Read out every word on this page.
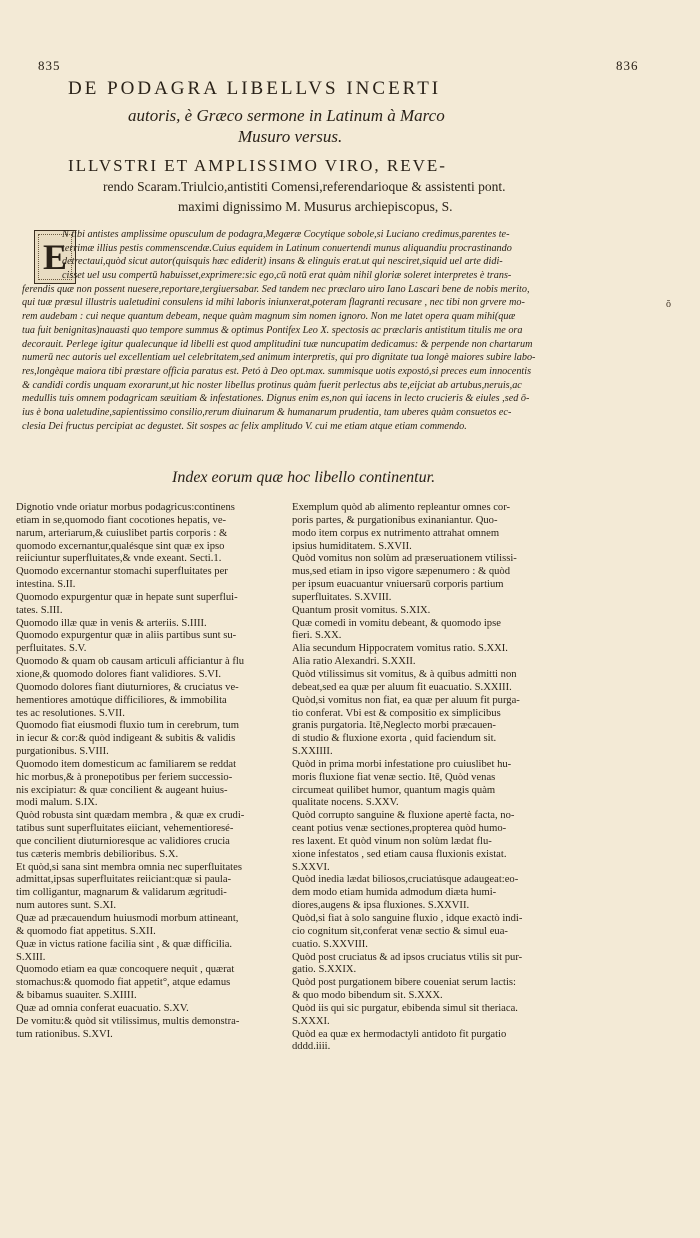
835	836
DE PODAGRA LIBELLVS INCERTI
autoris, è Græco sermone in Latinum à Marco
Musuro versus.
ILLVSTRI ET AMPLISSIMO VIRO, REVE-
rendo Scaram.Triulcio,antistiti Comensi,referendarioque & assistenti pont.
maximi dignissimo M. Musurus archiepiscopus, S.
E
N tibi antistes amplissime opusculum de podagra,Megæræ Cocytique sobole,si Luciano credimus,parentes te-
terrimæ illius pestis commenscendæ.Cuius equidem in Latinum conuertendi munus aliquandiu procrastinando
detrectaui,quòd sicut autor(quisquis hæc ediderit) insans & elinguis erat.ut qui nesciret,siquid uel arte didi-
cisset uel usu compertū habuisset,exprimere:sic ego,cū notū erat quàm nihil gloriæ soleret interpretes è trans-
ferendis quæ non possent nuesere,reportare,tergiuersabar. Sed tandem nec præclaro uiro Iano Lascari bene de nobis merito,
qui tuæ præsul illustris ualetudini consulens id mihi laboris iniunxerat,poteram flagranti recusare , nec tibi non grvere mo-
rem audebam : cui neque quantum debeam, neque quàm magnum sim nomen ignoro. Non me latet opera quam mihi(quæ
tua fuit benignitas)nauasti quo tempore summus & optimus Pontifex Leo X. spectosis ac præclaris antistitum titulis me ora
decorauit. Perlege igitur qualecunque id libelli est quod amplitudini tuæ nuncupatim dedicamus: & perpende non chartarum
numerū nec autoris uel excellentiam uel celebritatem,sed animum interpretis, qui pro dignitate tua longè maiores subire labo-
res,longèque maiora tibi præstare officia paratus est. Petó à Deo opt.max. summisque uotis expostó,si preces eum innocentis
& candidi cordis unquam exorarunt,ut hic noster libellus protinus quàm fuerit perlectus abs te,eijciat ab artubus,neruis,ac
medullis tuis omnem podagricam sæuitiam & infestationes. Dignus enim es,non qui iacens in lecto crucieris & eiules ,sed ō-
ius è bona ualetudine,sapientissimo consilio,rerum diuinarum & humanarum prudentia, tam uberes quàm consuetos ec-
clesia Dei fructus percipiat ac degustet. Sit sospes ac felix amplitudo V. cui me etiam atque etiam commendo.
ŏ
Index eorum quæ hoc libello continentur.
Dignotio vnde oriatur morbus podagricus:continens
etiam in se,quomodo fiant cocotiones hepatis, ve-
narum, arteriarum,& cuiuslibet partis corporis : &
quomodo excernantur,qualésque sint quæ ex ipso
reiiciuntur superfluitates,& vnde exeant. Secti.1.
Quomodo excernantur stomachi superfluitates per
intestina. S.II.
Quomodo expurgentur quæ in hepate sunt superflui-
tates. S.III.
Quomodo illæ quæ in venis & arteriis. S.IIII.
Quomodo expurgentur quæ in aliis partibus sunt su-
perfluitates. S.V.
Quomodo & quam ob causam articuli afficiantur à flu
xione,& quomodo dolores fiant validiores. S.VI.
Quomodo dolores fiant diuturniores, & cruciatus ve-
hementiores amotúque difficiliores, & immobilita
tes ac resolutiones. S.VII.
Quomodo fiat eiusmodi fluxio tum in cerebrum, tum
in iecur & cor:& quòd indigeant & subitis & validis
purgationibus. S.VIII.
Quomodo item domesticum ac familiarem se reddat
hic morbus,& à pronepotibus per feriem successio-
nis excipiatur: & quæ concilient & augeant huius-
modi malum. S.IX.
Quòd robusta sint quædam membra , & quæ ex crudi-
tatibus sunt superfluitates eiiciant, vehementioresé-
que concilient diuturnioresque ac validiores crucia
tus cæteris membris debilioribus. S.X.
Et quòd,si sana sint membra omnia nec superfluitates
admittat,ipsas superfluitates reiiciant:quæ si paula-
tim colligantur, magnarum & validarum ægritudi-
num autores sunt. S.XI.
Quæ ad præcauendum huiusmodi morbum attineant,
& quomodo fiat appetitus. S.XII.
Quæ in victus ratione facilia sint , & quæ difficilia.
S.XIII.
Quomodo etiam ea quæ concoquere nequit , quærat
stomachus:& quomodo fiat appetit°, atque edamus
& bibamus suauiter. S.XIIII.
Quæ ad omnia conferat euacuatio. S.XV.
De vomitu:& quòd sit vtilissimus, multis demonstra-
tum rationibus. S.XVI.
Exemplum quòd ab alimento repleantur omnes cor-
poris partes, & purgationibus exinaniantur. Quo-
modo item corpus ex nutrimento attrahat omnem
ipsius humiditatem. S.XVII.
Quòd vomitus non solùm ad præseruationem vtilissi-
mus,sed etiam in ipso vigore sæpenumero : & quòd
per ipsum euacuantur vniuersarū corporis partium
superfluitates. S.XVIII.
Quantum prosit vomitus. S.XIX.
Quæ comedi in vomitu debeant, & quomodo ipse
fieri. S.XX.
Alia secundum Hippocratem vomitus ratio. S.XXI.
Alia ratio Alexandri. S.XXII.
Quòd vtilissimus sit vomitus, & à quibus admitti non
debeat,sed ea quæ per aluum fit euacuatio. S.XXIII.
Quòd,si vomitus non fiat, ea quæ per aluum fit purga-
tio conferat. Vbi est & compositio ex simplicibus
granis purgatoria. Itē,Neglecto morbi præcauen-
di studio & fluxione exorta , quid faciendum sit.
S.XXIIII.
Quòd in prima morbi infestatione pro cuiuslibet hu-
moris fluxione fiat venæ sectio. Itē, Quòd venas
circumeat quilibet humor, quantum magis quàm
qualitate nocens. S.XXV.
Quòd corrupto sanguine & fluxione apertè facta, no-
ceant potius venæ sectiones,propterea quòd humo-
res laxent. Et quòd vinum non solùm lædat flu-
xione infestatos , sed etiam causa fluxionis existat.
S.XXVI.
Quòd inedia lædat biliosos,cruciatúsque adaugeat:eo-
dem modo etiam humida admodum diæta humi-
diores,augens & ipsa fluxiones. S.XXVII.
Quòd,si fiat à solo sanguine fluxio , idque exactò indi-
cio cognitum sit,conferat venæ sectio & simul eua-
cuatio. S.XXVIII.
Quòd post cruciatus & ad ipsos cruciatus vtilis sit pur-
gatio. S.XXIX.
Quòd post purgationem bibere coueniat serum lactis:
& quo modo bibendum sit. S.XXX.
Quòd iis qui sic purgatur, ebibenda simul sit theriaca.
S.XXXI.
Quòd ea quæ ex hermodactyli antidoto fit purgatio
dddd.iiii.
